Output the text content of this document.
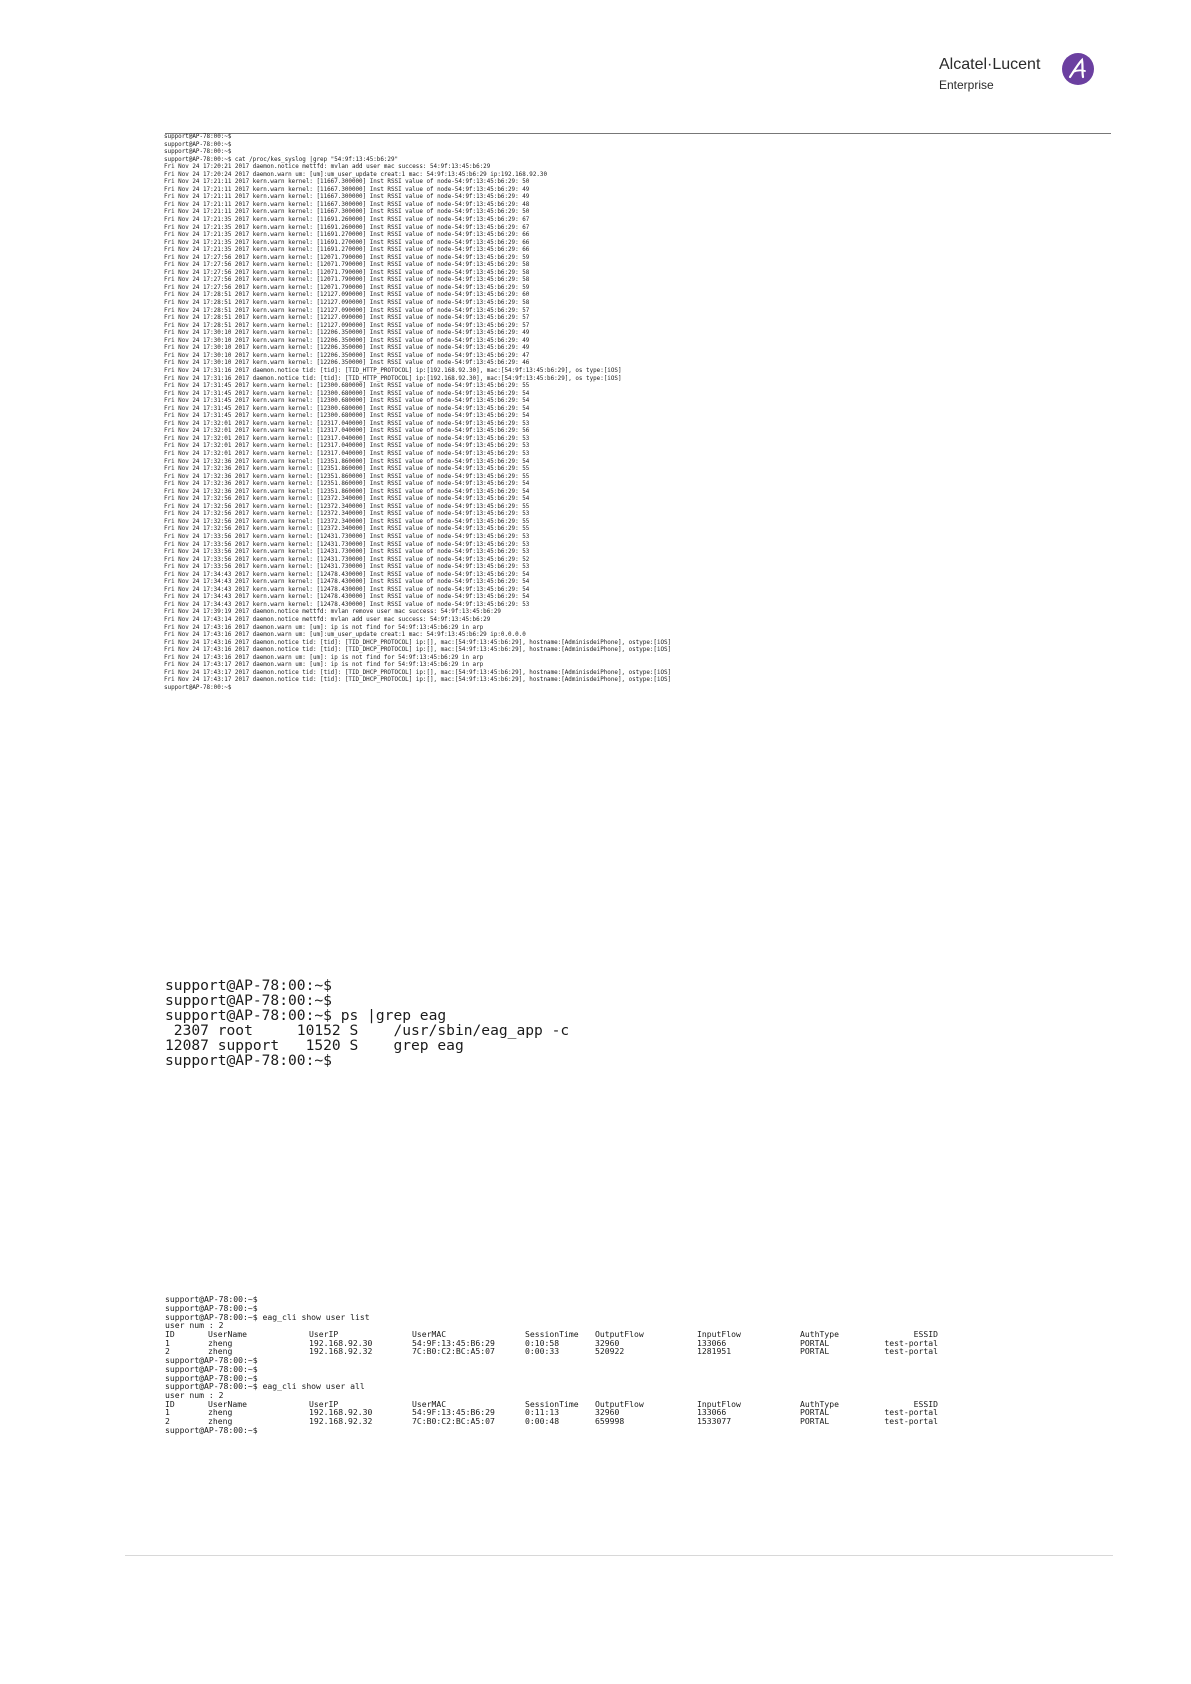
Alcatel·Lucent
Enterprise
support@AP-78:00:~$
support@AP-78:00:~$
support@AP-78:00:~$
support@AP-78:00:~$ cat /proc/kes_syslog |grep "54:9f:13:45:b6:29"
Fri Nov 24 17:20:21 2017 daemon.notice mettfd: mvlan add user mac success: 54:9f:13:45:b6:29
Fri Nov 24 17:20:24 2017 daemon.warn um: [um]:um_user_update creat:1 mac: 54:9f:13:45:b6:29 ip:192.168.92.30
Fri Nov 24 17:21:11 2017 kern.warn kernel: [11667.300000] Inst RSSI value of node-54:9f:13:45:b6:29: 50
Fri Nov 24 17:21:11 2017 kern.warn kernel: [11667.300000] Inst RSSI value of node-54:9f:13:45:b6:29: 49
Fri Nov 24 17:21:11 2017 kern.warn kernel: [11667.300000] Inst RSSI value of node-54:9f:13:45:b6:29: 49
Fri Nov 24 17:21:11 2017 kern.warn kernel: [11667.300000] Inst RSSI value of node-54:9f:13:45:b6:29: 48
Fri Nov 24 17:21:11 2017 kern.warn kernel: [11667.300000] Inst RSSI value of node-54:9f:13:45:b6:29: 50
Fri Nov 24 17:21:35 2017 kern.warn kernel: [11691.260000] Inst RSSI value of node-54:9f:13:45:b6:29: 67
Fri Nov 24 17:21:35 2017 kern.warn kernel: [11691.260000] Inst RSSI value of node-54:9f:13:45:b6:29: 67
Fri Nov 24 17:21:35 2017 kern.warn kernel: [11691.270000] Inst RSSI value of node-54:9f:13:45:b6:29: 66
Fri Nov 24 17:21:35 2017 kern.warn kernel: [11691.270000] Inst RSSI value of node-54:9f:13:45:b6:29: 66
Fri Nov 24 17:21:35 2017 kern.warn kernel: [11691.270000] Inst RSSI value of node-54:9f:13:45:b6:29: 66
Fri Nov 24 17:27:56 2017 kern.warn kernel: [12071.790000] Inst RSSI value of node-54:9f:13:45:b6:29: 59
Fri Nov 24 17:27:56 2017 kern.warn kernel: [12071.790000] Inst RSSI value of node-54:9f:13:45:b6:29: 58
Fri Nov 24 17:27:56 2017 kern.warn kernel: [12071.790000] Inst RSSI value of node-54:9f:13:45:b6:29: 58
Fri Nov 24 17:27:56 2017 kern.warn kernel: [12071.790000] Inst RSSI value of node-54:9f:13:45:b6:29: 58
Fri Nov 24 17:27:56 2017 kern.warn kernel: [12071.790000] Inst RSSI value of node-54:9f:13:45:b6:29: 59
Fri Nov 24 17:28:51 2017 kern.warn kernel: [12127.090000] Inst RSSI value of node-54:9f:13:45:b6:29: 60
Fri Nov 24 17:28:51 2017 kern.warn kernel: [12127.090000] Inst RSSI value of node-54:9f:13:45:b6:29: 58
Fri Nov 24 17:28:51 2017 kern.warn kernel: [12127.090000] Inst RSSI value of node-54:9f:13:45:b6:29: 57
Fri Nov 24 17:28:51 2017 kern.warn kernel: [12127.090000] Inst RSSI value of node-54:9f:13:45:b6:29: 57
Fri Nov 24 17:28:51 2017 kern.warn kernel: [12127.090000] Inst RSSI value of node-54:9f:13:45:b6:29: 57
Fri Nov 24 17:30:10 2017 kern.warn kernel: [12206.350000] Inst RSSI value of node-54:9f:13:45:b6:29: 49
Fri Nov 24 17:30:10 2017 kern.warn kernel: [12206.350000] Inst RSSI value of node-54:9f:13:45:b6:29: 49
Fri Nov 24 17:30:10 2017 kern.warn kernel: [12206.350000] Inst RSSI value of node-54:9f:13:45:b6:29: 49
Fri Nov 24 17:30:10 2017 kern.warn kernel: [12206.350000] Inst RSSI value of node-54:9f:13:45:b6:29: 47
Fri Nov 24 17:30:10 2017 kern.warn kernel: [12206.350000] Inst RSSI value of node-54:9f:13:45:b6:29: 46
Fri Nov 24 17:31:16 2017 daemon.notice tid: [tid]: [TID_HTTP_PROTOCOL] ip:[192.168.92.30], mac:[54:9f:13:45:b6:29], os type:[iOS]
Fri Nov 24 17:31:16 2017 daemon.notice tid: [tid]: [TID_HTTP_PROTOCOL] ip:[192.168.92.30], mac:[54:9f:13:45:b6:29], os type:[iOS]
Fri Nov 24 17:31:45 2017 kern.warn kernel: [12300.680000] Inst RSSI value of node-54:9f:13:45:b6:29: 55
Fri Nov 24 17:31:45 2017 kern.warn kernel: [12300.680000] Inst RSSI value of node-54:9f:13:45:b6:29: 54
Fri Nov 24 17:31:45 2017 kern.warn kernel: [12300.680000] Inst RSSI value of node-54:9f:13:45:b6:29: 54
Fri Nov 24 17:31:45 2017 kern.warn kernel: [12300.680000] Inst RSSI value of node-54:9f:13:45:b6:29: 54
Fri Nov 24 17:31:45 2017 kern.warn kernel: [12300.680000] Inst RSSI value of node-54:9f:13:45:b6:29: 54
Fri Nov 24 17:32:01 2017 kern.warn kernel: [12317.040000] Inst RSSI value of node-54:9f:13:45:b6:29: 53
Fri Nov 24 17:32:01 2017 kern.warn kernel: [12317.040000] Inst RSSI value of node-54:9f:13:45:b6:29: 56
Fri Nov 24 17:32:01 2017 kern.warn kernel: [12317.040000] Inst RSSI value of node-54:9f:13:45:b6:29: 53
Fri Nov 24 17:32:01 2017 kern.warn kernel: [12317.040000] Inst RSSI value of node-54:9f:13:45:b6:29: 53
Fri Nov 24 17:32:01 2017 kern.warn kernel: [12317.040000] Inst RSSI value of node-54:9f:13:45:b6:29: 53
Fri Nov 24 17:32:36 2017 kern.warn kernel: [12351.860000] Inst RSSI value of node-54:9f:13:45:b6:29: 54
Fri Nov 24 17:32:36 2017 kern.warn kernel: [12351.860000] Inst RSSI value of node-54:9f:13:45:b6:29: 55
Fri Nov 24 17:32:36 2017 kern.warn kernel: [12351.860000] Inst RSSI value of node-54:9f:13:45:b6:29: 55
Fri Nov 24 17:32:36 2017 kern.warn kernel: [12351.860000] Inst RSSI value of node-54:9f:13:45:b6:29: 54
Fri Nov 24 17:32:36 2017 kern.warn kernel: [12351.860000] Inst RSSI value of node-54:9f:13:45:b6:29: 54
Fri Nov 24 17:32:56 2017 kern.warn kernel: [12372.340000] Inst RSSI value of node-54:9f:13:45:b6:29: 54
Fri Nov 24 17:32:56 2017 kern.warn kernel: [12372.340000] Inst RSSI value of node-54:9f:13:45:b6:29: 55
Fri Nov 24 17:32:56 2017 kern.warn kernel: [12372.340000] Inst RSSI value of node-54:9f:13:45:b6:29: 53
Fri Nov 24 17:32:56 2017 kern.warn kernel: [12372.340000] Inst RSSI value of node-54:9f:13:45:b6:29: 55
Fri Nov 24 17:32:56 2017 kern.warn kernel: [12372.340000] Inst RSSI value of node-54:9f:13:45:b6:29: 55
Fri Nov 24 17:33:56 2017 kern.warn kernel: [12431.730000] Inst RSSI value of node-54:9f:13:45:b6:29: 53
Fri Nov 24 17:33:56 2017 kern.warn kernel: [12431.730000] Inst RSSI value of node-54:9f:13:45:b6:29: 53
Fri Nov 24 17:33:56 2017 kern.warn kernel: [12431.730000] Inst RSSI value of node-54:9f:13:45:b6:29: 53
Fri Nov 24 17:33:56 2017 kern.warn kernel: [12431.730000] Inst RSSI value of node-54:9f:13:45:b6:29: 52
Fri Nov 24 17:33:56 2017 kern.warn kernel: [12431.730000] Inst RSSI value of node-54:9f:13:45:b6:29: 53
Fri Nov 24 17:34:43 2017 kern.warn kernel: [12478.430000] Inst RSSI value of node-54:9f:13:45:b6:29: 54
Fri Nov 24 17:34:43 2017 kern.warn kernel: [12478.430000] Inst RSSI value of node-54:9f:13:45:b6:29: 54
Fri Nov 24 17:34:43 2017 kern.warn kernel: [12478.430000] Inst RSSI value of node-54:9f:13:45:b6:29: 54
Fri Nov 24 17:34:43 2017 kern.warn kernel: [12478.430000] Inst RSSI value of node-54:9f:13:45:b6:29: 54
Fri Nov 24 17:34:43 2017 kern.warn kernel: [12478.430000] Inst RSSI value of node-54:9f:13:45:b6:29: 53
Fri Nov 24 17:39:19 2017 daemon.notice mettfd: mvlan remove user mac success: 54:9f:13:45:b6:29
Fri Nov 24 17:43:14 2017 daemon.notice mettfd: mvlan add user mac success: 54:9f:13:45:b6:29
Fri Nov 24 17:43:16 2017 daemon.warn um: [um]: ip is not find for 54:9f:13:45:b6:29 in arp
Fri Nov 24 17:43:16 2017 daemon.warn um: [um]:um_user_update creat:1 mac: 54:9f:13:45:b6:29 ip:0.0.0.0
Fri Nov 24 17:43:16 2017 daemon.notice tid: [tid]: [TID_DHCP_PROTOCOL] ip:[], mac:[54:9f:13:45:b6:29], hostname:[AdminisdeiPhone], ostype:[iOS]
Fri Nov 24 17:43:16 2017 daemon.notice tid: [tid]: [TID_DHCP_PROTOCOL] ip:[], mac:[54:9f:13:45:b6:29], hostname:[AdminisdeiPhone], ostype:[iOS]
Fri Nov 24 17:43:16 2017 daemon.warn um: [um]: ip is not find for 54:9f:13:45:b6:29 in arp
Fri Nov 24 17:43:17 2017 daemon.warn um: [um]: ip is not find for 54:9f:13:45:b6:29 in arp
Fri Nov 24 17:43:17 2017 daemon.notice tid: [tid]: [TID_DHCP_PROTOCOL] ip:[], mac:[54:9f:13:45:b6:29], hostname:[AdminisdeiPhone], ostype:[iOS]
Fri Nov 24 17:43:17 2017 daemon.notice tid: [tid]: [TID_DHCP_PROTOCOL] ip:[], mac:[54:9f:13:45:b6:29], hostname:[AdminisdeiPhone], ostype:[iOS]
support@AP-78:00:~$
support@AP-78:00:~$
support@AP-78:00:~$
support@AP-78:00:~$ ps |grep eag
2307 root     10152 S    /usr/sbin/eag_app -c
12087 support   1520 S    grep eag
support@AP-78:00:~$
support@AP-78:00:~$
support@AP-78:00:~$
support@AP-78:00:~$ eag_cli show user list
user num : 2
ID	UserName	UserIP	UserMAC	SessionTime OutputFlow	InputFlow	AuthType	ESSID
1	zheng	192.168.92.30	54:9F:13:45:B6:29	0:10:58	32960	133066	PORTAL	test-portal
2	zheng	192.168.92.32	7C:B0:C2:BC:A5:07	0:00:33	520922	1281951	PORTAL	test-portal
support@AP-78:00:~$
support@AP-78:00:~$
support@AP-78:00:~$
support@AP-78:00:~$ eag_cli show user all
user num : 2
ID	UserName	UserIP	UserMAC	SessionTime OutputFlow	InputFlow	AuthType	ESSID
1	zheng	192.168.92.30	54:9F:13:45:B6:29	0:11:13	32960	133066	PORTAL	test-portal
2	zheng	192.168.92.32	7C:B0:C2:BC:A5:07	0:00:48	659998	1533077	PORTAL	test-portal
support@AP-78:00:~$
